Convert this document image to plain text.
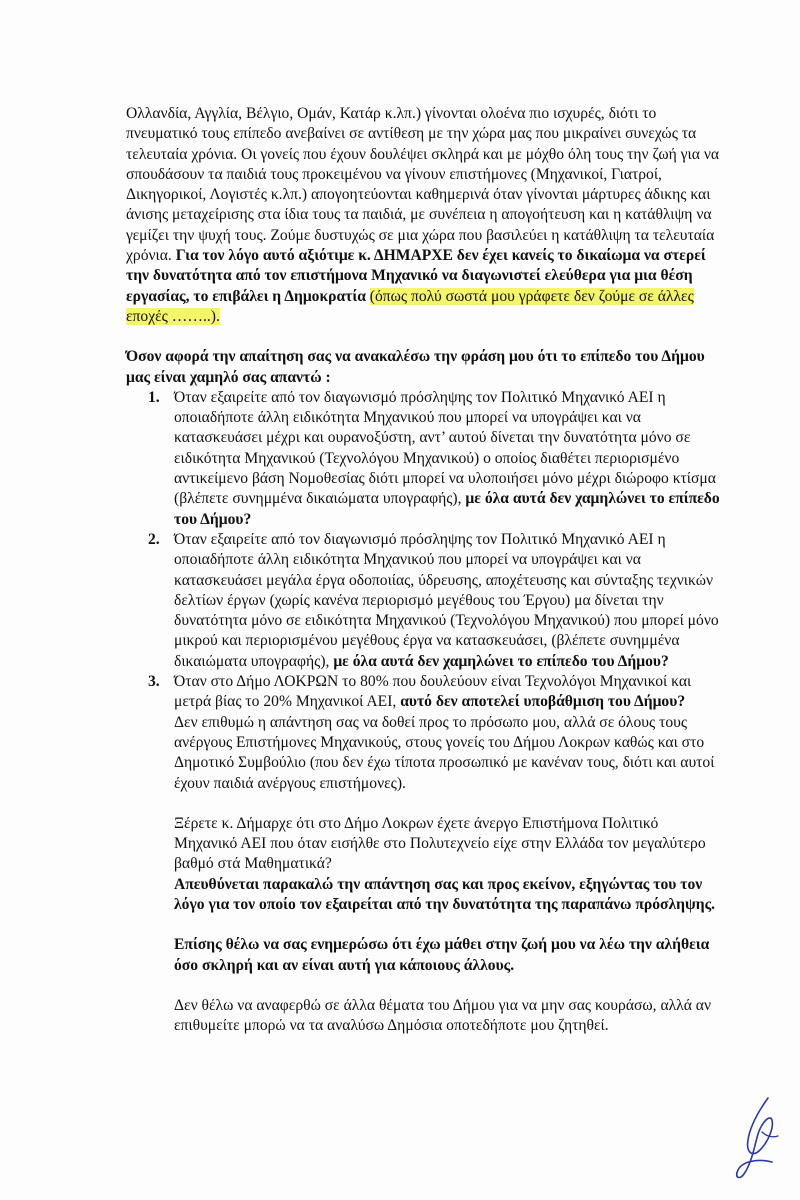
Ολλανδία, Αγγλία, Βέλγιο, Ομάν, Κατάρ κ.λπ.) γίνονται ολοένα πιο ισχυρές, διότι το πνευματικό τους επίπεδο ανεβαίνει σε αντίθεση με την χώρα μας που μικραίνει συνεχώς τα τελευταία χρόνια. Οι γονείς που έχουν δουλέψει σκληρά και με μόχθο όλη τους την ζωή για να σπουδάσουν τα παιδιά τους προκειμένου να γίνουν επιστήμονες (Μηχανικοί, Γιατροί, Δικηγορικοί, Λογιστές κ.λπ.) απογοητεύονται καθημερινά όταν γίνονται μάρτυρες άδικης και άνισης μεταχείρισης στα ίδια τους τα παιδιά, με συνέπεια η απογοήτευση και η κατάθλιψη να γεμίζει την ψυχή τους. Ζούμε δυστυχώς σε μια χώρα που βασιλεύει η κατάθλιψη τα τελευταία χρόνια. Για τον λόγο αυτό αξιότιμε κ. ΔΗΜΑΡΧΕ δεν έχει κανείς το δικαίωμα να στερεί την δυνατότητα από τον επιστήμονα Μηχανικό να διαγωνιστεί ελεύθερα για μια θέση εργασίας, το επιβάλει η Δημοκρατία (όπως πολύ σωστά μου γράφετε δεν ζούμε σε άλλες εποχές ……..).

Όσον αφορά την απαίτηση σας να ανακαλέσω την φράση μου ότι το επίπεδο του Δήμου μας είναι χαμηλό σας απαντώ :

1. Όταν εξαιρείτε από τον διαγωνισμό πρόσληψης τον Πολιτικό Μηχανικό ΑΕΙ η οποιαδήποτε άλλη ειδικότητα Μηχανικού που μπορεί να υπογράψει και να κατασκευάσει μέχρι και ουρανοξύστη, αντ’ αυτού δίνεται την δυνατότητα μόνο σε ειδικότητα Μηχανικού (Τεχνολόγου Μηχανικού) ο οποίος διαθέτει περιορισμένο αντικείμενο βάση Νομοθεσίας διότι μπορεί να υλοποιήσει μόνο μέχρι διώροφο κτίσμα (βλέπετε συνημμένα δικαιώματα υπογραφής), με όλα αυτά δεν χαμηλώνει το επίπεδο του Δήμου?
2. Όταν εξαιρείτε από τον διαγωνισμό πρόσληψης τον Πολιτικό Μηχανικό ΑΕΙ η οποιαδήποτε άλλη ειδικότητα Μηχανικού που μπορεί να υπογράψει και να κατασκευάσει μεγάλα έργα οδοποιίας, ύδρευσης, αποχέτευσης και σύνταξης τεχνικών δελτίων έργων (χωρίς κανένα περιορισμό μεγέθους του Έργου) μα δίνεται την δυνατότητα μόνο σε ειδικότητα Μηχανικού (Τεχνολόγου Μηχανικού) που μπορεί μόνο μικρού και περιορισμένου μεγέθους έργα να κατασκευάσει, (βλέπετε συνημμένα δικαιώματα υπογραφής), με όλα αυτά δεν χαμηλώνει το επίπεδο του Δήμου?
3. Όταν στο Δήμο ΛΟΚΡΩΝ το 80% που δουλεύουν είναι Τεχνολόγοι Μηχανικοί και μετρά βίας το 20% Μηχανικοί ΑΕΙ, αυτό δεν αποτελεί υποβάθμιση του Δήμου?
Δεν επιθυμώ η απάντηση σας να δοθεί προς το πρόσωπο μου, αλλά σε όλους τους ανέργους Επιστήμονες Μηχανικούς, στους γονείς του Δήμου Λοκρων καθώς και στο Δημοτικό Συμβούλιο (που δεν έχω τίποτα προσωπικό με κανέναν τους, διότι και αυτοί έχουν παιδιά ανέργους επιστήμονες).

Ξέρετε κ. Δήμαρχε ότι στο Δήμο Λοκρων έχετε άνεργο Επιστήμονα Πολιτικό Μηχανικό ΑΕΙ που όταν εισήλθε στο Πολυτεχνείο είχε στην Ελλάδα τον μεγαλύτερο βαθμό στά Μαθηματικά?

Απευθύνεται παρακαλώ την απάντηση σας και προς εκείνον, εξηγώντας του τον λόγο για τον οποίο τον εξαιρείται από την δυνατότητα της παραπάνω πρόσληψης.

Επίσης θέλω να σας ενημερώσω ότι έχω μάθει στην ζωή μου να λέω την αλήθεια όσο σκληρή και αν είναι αυτή για κάποιους άλλους.

Δεν θέλω να αναφερθώ σε άλλα θέματα του Δήμου για να μην σας κουράσω, αλλά αν επιθυμείτε μπορώ να τα αναλύσω Δημόσια οποτεδήποτε μου ζητηθεί.
